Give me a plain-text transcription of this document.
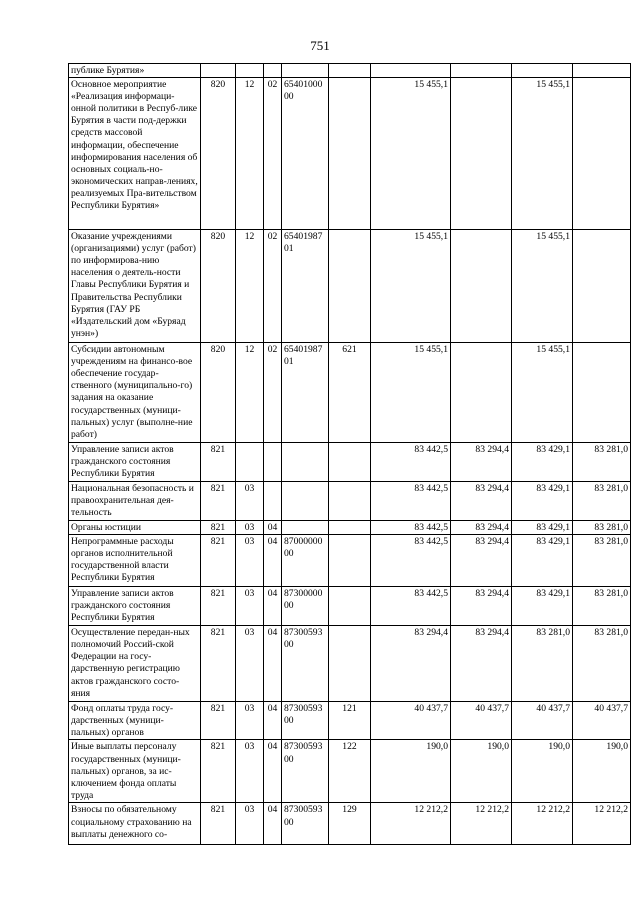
751
публике Бурятия»									
Основное мероприятие «Реализация информаци-онной политики в Респуб-лике Бурятия в части под-держки средств массовой информации, обеспечение информирования населения об основных социаль-но-экономических направ-лениях, реализуемых Пра-вительством Республики Бурятия»	820	12	02	6540100000		15 455,1		15 455,1	
Оказание учреждениями (организациями) услуг (работ) по информирова-нию населения о деятель-ности Главы Республики Бурятия и Правительства Республики Бурятия (ГАУ РБ «Издательский дом «Буряад унэн»)	820	12	02	6540198701		15 455,1		15 455,1	
Субсидии автономным учреждениям на финансо-вое обеспечение государ-ственного (муниципально-го) задания на оказание государственных (муници-пальных) услуг (выполне-ние работ)	820	12	02	6540198701	621	15 455,1		15 455,1	
Управление записи актов гражданского состояния Республики Бурятия	821					83 442,5	83 294,4	83 429,1	83 281,0
Национальная безопасность и правоохранительная дея-тельность	821	03				83 442,5	83 294,4	83 429,1	83 281,0
Органы юстиции	821	03	04			83 442,5	83 294,4	83 429,1	83 281,0
Непрограммные расходы органов исполнительной государственной власти Республики Бурятия	821	03	04	8700000000		83 442,5	83 294,4	83 429,1	83 281,0
Управление записи актов гражданского состояния Республики Бурятия	821	03	04	8730000000		83 442,5	83 294,4	83 429,1	83 281,0
Осуществление передан-ных полномочий Россий-ской Федерации на госу-дарственную регистрацию актов гражданского состо-яния	821	03	04	8730059300		83 294,4	83 294,4	83 281,0	83 281,0
Фонд оплаты труда госу-дарственных (муници-пальных) органов	821	03	04	8730059300	121	40 437,7	40 437,7	40 437,7	40 437,7
Иные выплаты персоналу государственных (муници-пальных) органов, за ис-ключением фонда оплаты труда	821	03	04	8730059300	122	190,0	190,0	190,0	190,0
Взносы по обязательному социальному страхованию на выплаты денежного со-	821	03	04	8730059300	129	12 212,2	12 212,2	12 212,2	12 212,2
